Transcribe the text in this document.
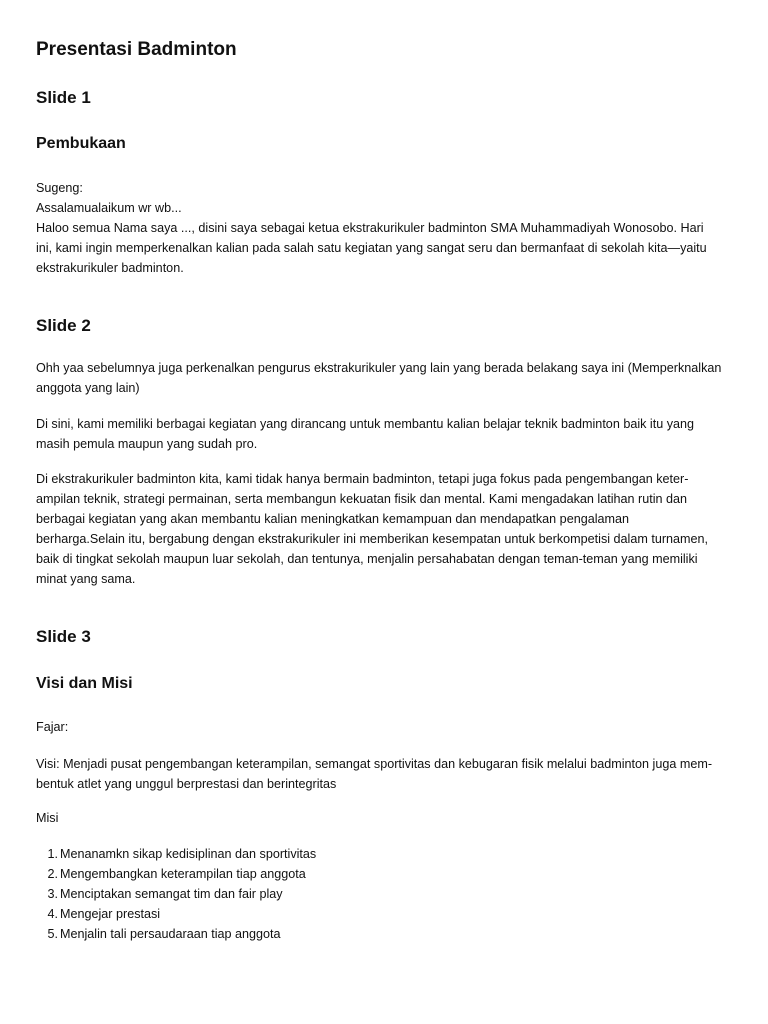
Presentasi Badminton
Slide 1
Pembukaan
Sugeng:
Assalamualaikum wr wb...
Haloo semua Nama saya ..., disini saya sebagai ketua ekstrakurikuler badminton SMA Muhammadiyah Wonosobo. Hari
ini, kami ingin memperkenalkan kalian pada salah satu kegiatan yang sangat seru dan bermanfaat di sekolah kita—yaitu
ekstrakurikuler badminton.
Slide 2
Ohh yaa sebelumnya juga perkenalkan pengurus ekstrakurikuler yang lain yang berada belakang saya ini (Memperknalkan
anggota yang lain)
Di sini, kami memiliki berbagai kegiatan yang dirancang untuk membantu kalian belajar teknik badminton baik itu yang
masih pemula maupun yang sudah pro.
Di ekstrakurikuler badminton kita, kami tidak hanya bermain badminton, tetapi juga fokus pada pengembangan keter-
ampilan teknik, strategi permainan, serta membangun kekuatan fisik dan mental. Kami mengadakan latihan rutin dan
berbagai kegiatan yang akan membantu kalian meningkatkan kemampuan dan mendapatkan pengalaman
berharga.Selain itu, bergabung dengan ekstrakurikuler ini memberikan kesempatan untuk berkompetisi dalam turnamen,
baik di tingkat sekolah maupun luar sekolah, dan tentunya, menjalin persahabatan dengan teman-teman yang memiliki
minat yang sama.
Slide 3
Visi dan Misi
Fajar:
Visi: Menjadi pusat pengembangan keterampilan, semangat sportivitas dan kebugaran fisik melalui badminton juga mem-
bentuk atlet yang unggul berprestasi dan berintegritas
Misi
1. Menanamkn sikap kedisiplinan dan sportivitas
2. Mengembangkan keterampilan tiap anggota
3. Menciptakan semangat tim dan fair play
4. Mengejar prestasi
5. Menjalin tali persaudaraan tiap anggota
